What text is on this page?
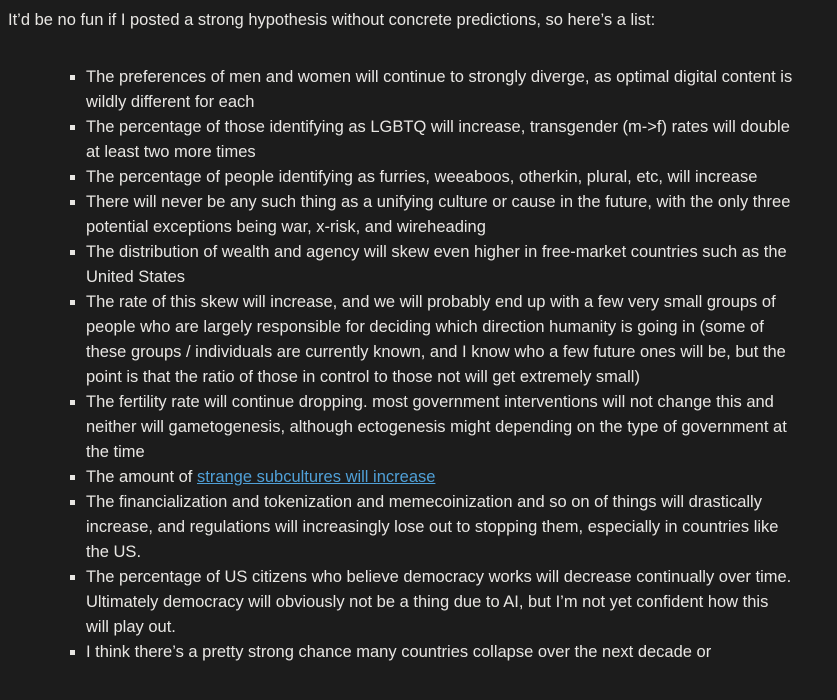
It’d be no fun if I posted a strong hypothesis without concrete predictions, so here’s a list:

▪ The preferences of men and women will continue to strongly diverge, as optimal digital content is wildly different for each
▪ The percentage of those identifying as LGBTQ will increase, transgender (m->f) rates will double at least two more times
▪ The percentage of people identifying as furries, weeaboos, otherkin, plural, etc, will increase
▪ There will never be any such thing as a unifying culture or cause in the future, with the only three potential exceptions being war, x-risk, and wireheading
▪ The distribution of wealth and agency will skew even higher in free-market countries such as the United States
▪ The rate of this skew will increase, and we will probably end up with a few very small groups of people who are largely responsible for deciding which direction humanity is going in (some of these groups / individuals are currently known, and I know who a few future ones will be, but the point is that the ratio of those in control to those not will get extremely small)
▪ The fertility rate will continue dropping. most government interventions will not change this and neither will gametogenesis, although ectogenesis might depending on the type of government at the time
▪ The amount of strange subcultures will increase
▪ The financialization and tokenization and memecoinization and so on of things will drastically increase, and regulations will increasingly lose out to stopping them, especially in countries like the US.
▪ The percentage of US citizens who believe democracy works will decrease continually over time. Ultimately democracy will obviously not be a thing due to AI, but I’m not yet confident how this will play out.
▪ I think there’s a pretty strong chance many countries collapse over the next decade or
